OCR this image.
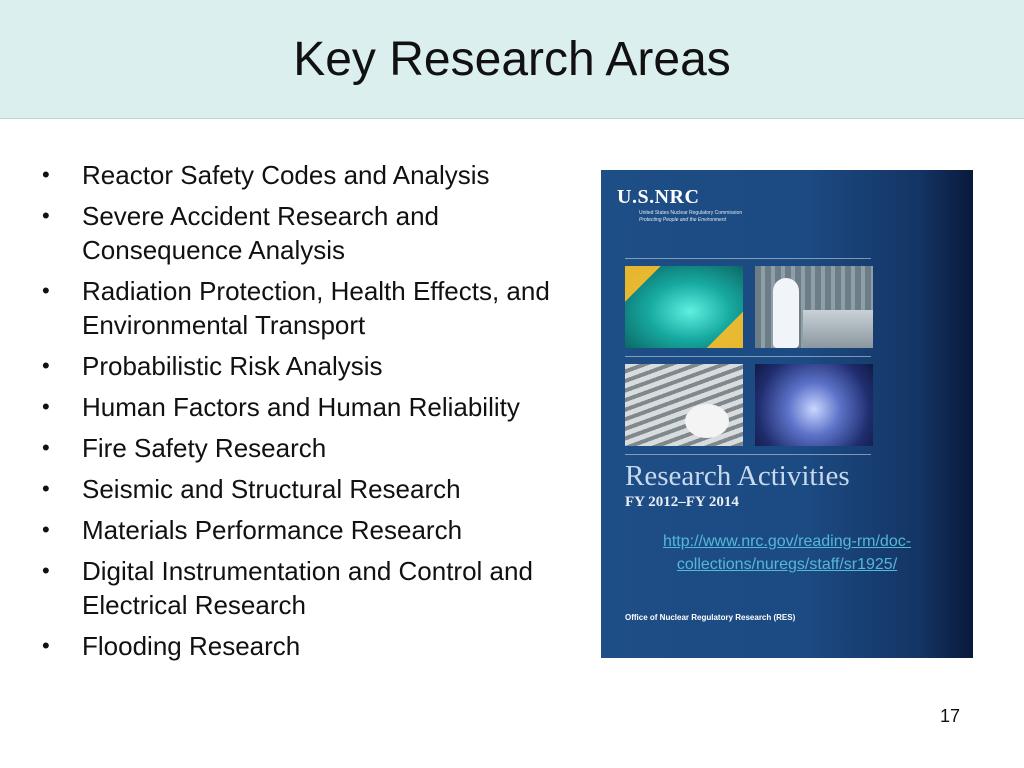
Key Research Areas
• Reactor Safety Codes and Analysis
• Severe Accident Research and Consequence Analysis
• Radiation Protection, Health Effects, and Environmental Transport
• Probabilistic Risk Analysis
• Human Factors and Human Reliability
• Fire Safety Research
• Seismic and Structural Research
• Materials Performance Research
• Digital Instrumentation and Control and Electrical Research
• Flooding Research
U.S.NRC
United States Nuclear Regulatory Commission
Protecting People and the Environment
Research Activities
FY 2012–FY 2014
http://www.nrc.gov/reading-rm/doc-
collections/nuregs/staff/sr1925/
Office of Nuclear Regulatory Research (RES)
17
